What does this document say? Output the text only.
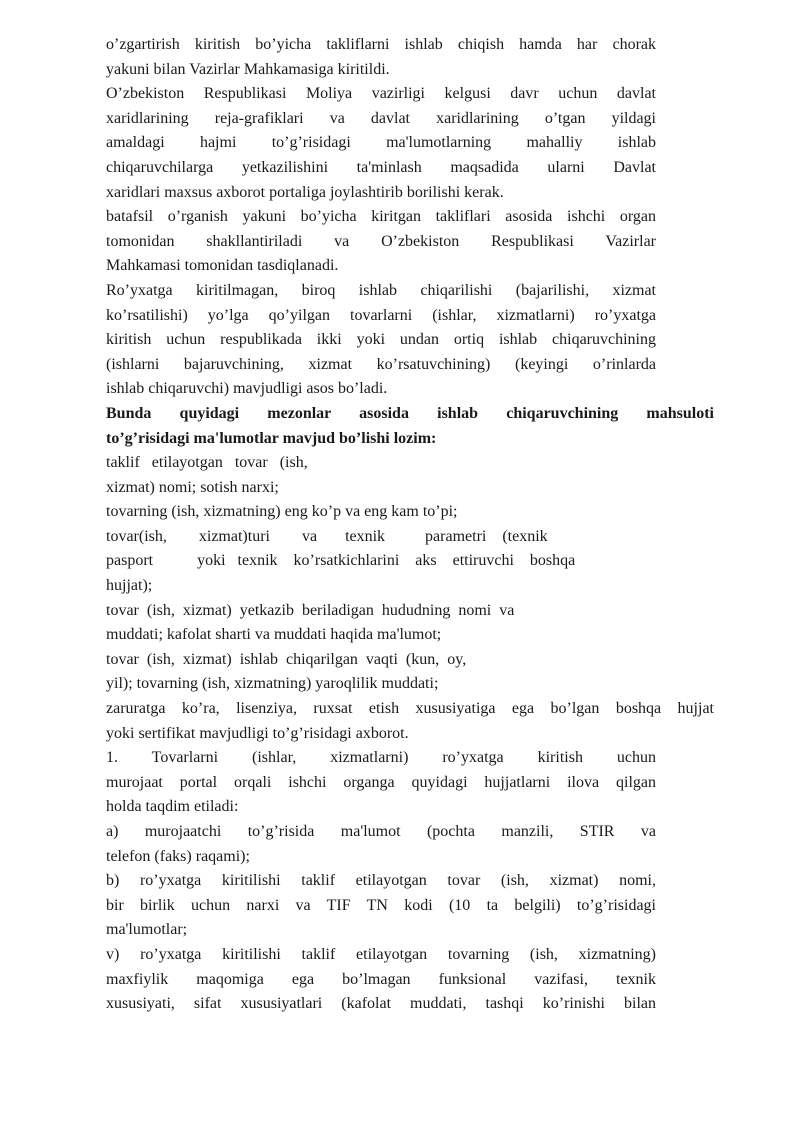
o’zgartirish kiritish bo’yicha takliflarni ishlab chiqish hamda har chorak
yakuni bilan Vazirlar Mahkamasiga kiritildi.
O’zbekiston Respublikasi Moliya vazirligi kelgusi davr uchun davlat
xaridlarining reja-grafiklari va davlat xaridlarining o’tgan yildagi
amaldagi hajmi to’g’risidagi ma'lumotlarning mahalliy ishlab
chiqaruvchilarga yetkazilishini ta'minlash maqsadida ularni Davlat
xaridlari maxsus axborot portaliga joylashtirib borilishi kerak.
batafsil o’rganish yakuni bo’yicha kiritgan takliflari asosida ishchi organ
tomonidan shakllantiriladi va O’zbekiston Respublikasi Vazirlar
Mahkamasi tomonidan tasdiqlanadi.
Ro’yxatga kiritilmagan, biroq ishlab chiqarilishi (bajarilishi, xizmat
ko’rsatilishi) yo’lga qo’yilgan tovarlarni (ishlar, xizmatlarni) ro’yxatga
kiritish uchun respublikada ikki yoki undan ortiq ishlab chiqaruvchining
(ishlarni bajaruvchining, xizmat ko’rsatuvchining) (keyingi o’rinlarda
ishlab chiqaruvchi) mavjudligi asos bo’ladi.
Bunda quyidagi mezonlar asosida ishlab chiqaruvchining mahsuloti
to’g’risidagi ma'lumotlar mavjud bo’lishi lozim:
taklif   etilayotgan   tovar   (ish,
xizmat) nomi; sotish narxi;
tovarning (ish, xizmatning) eng ko’p va eng kam to’pi;
tovar(ish,        xizmat)turi        va       texnik          parametri    (texnik
pasport           yoki   texnik    ko’rsatkichlarini    aks    ettiruvchi    boshqa
hujjat);
tovar  (ish,  xizmat)  yetkazib  beriladigan  hududning  nomi  va
muddati; kafolat sharti va muddati haqida ma'lumot;
tovar  (ish,  xizmat)  ishlab  chiqarilgan  vaqti  (kun,  oy,
yil); tovarning (ish, xizmatning) yaroqlilik muddati;
zaruratga ko’ra, lisenziya, ruxsat etish xususiyatiga ega bo’lgan boshqa hujjat
yoki sertifikat mavjudligi to’g’risidagi axborot.
1. Tovarlarni (ishlar, xizmatlarni) ro’yxatga kiritish uchun
murojaat portal orqali ishchi organga quyidagi hujjatlarni ilova qilgan
holda taqdim etiladi:
a) murojaatchi to’g’risida ma'lumot (pochta manzili, STIR va
telefon (faks) raqami);
b) ro’yxatga kiritilishi taklif etilayotgan tovar (ish, xizmat) nomi,
bir birlik uchun narxi va TIF TN kodi (10 ta belgili) to’g’risidagi
ma'lumotlar;
v) ro’yxatga kiritilishi taklif etilayotgan tovarning (ish, xizmatning)
maxfiylik maqomiga ega bo’lmagan funksional vazifasi, texnik
xususiyati, sifat xususiyatlari (kafolat muddati, tashqi ko’rinishi bilan
